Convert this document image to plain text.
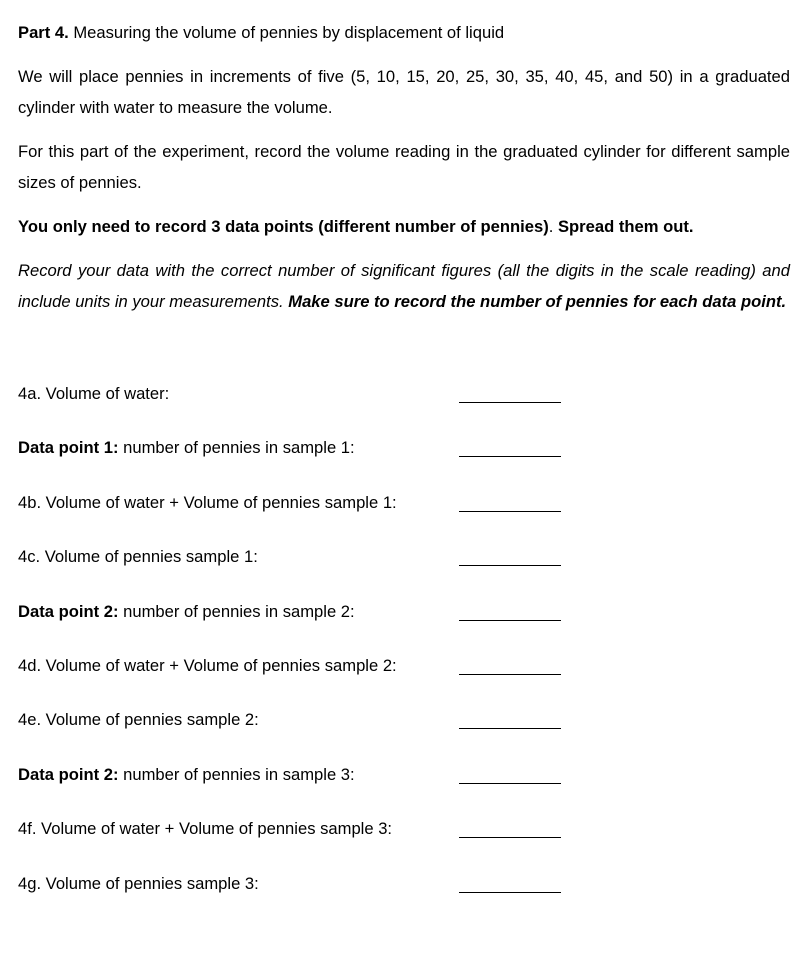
Part 4. Measuring the volume of pennies by displacement of liquid

We will place pennies in increments of five (5, 10, 15, 20, 25, 30, 35, 40, 45, and 50) in a graduated cylinder with water to measure the volume.

For this part of the experiment, record the volume reading in the graduated cylinder for different sample sizes of pennies.

You only need to record 3 data points (different number of pennies). Spread them out.

Record your data with the correct number of significant figures (all the digits in the scale reading) and include units in your measurements. Make sure to record the number of pennies for each data point.

4a. Volume of water:
Data point 1: number of pennies in sample 1:
4b. Volume of water + Volume of pennies sample 1:
4c. Volume of pennies sample 1:
Data point 2: number of pennies in sample 2:
4d. Volume of water + Volume of pennies sample 2:
4e. Volume of pennies sample 2:
Data point 2: number of pennies in sample 3:
4f. Volume of water + Volume of pennies sample 3:
4g. Volume of pennies sample 3:
